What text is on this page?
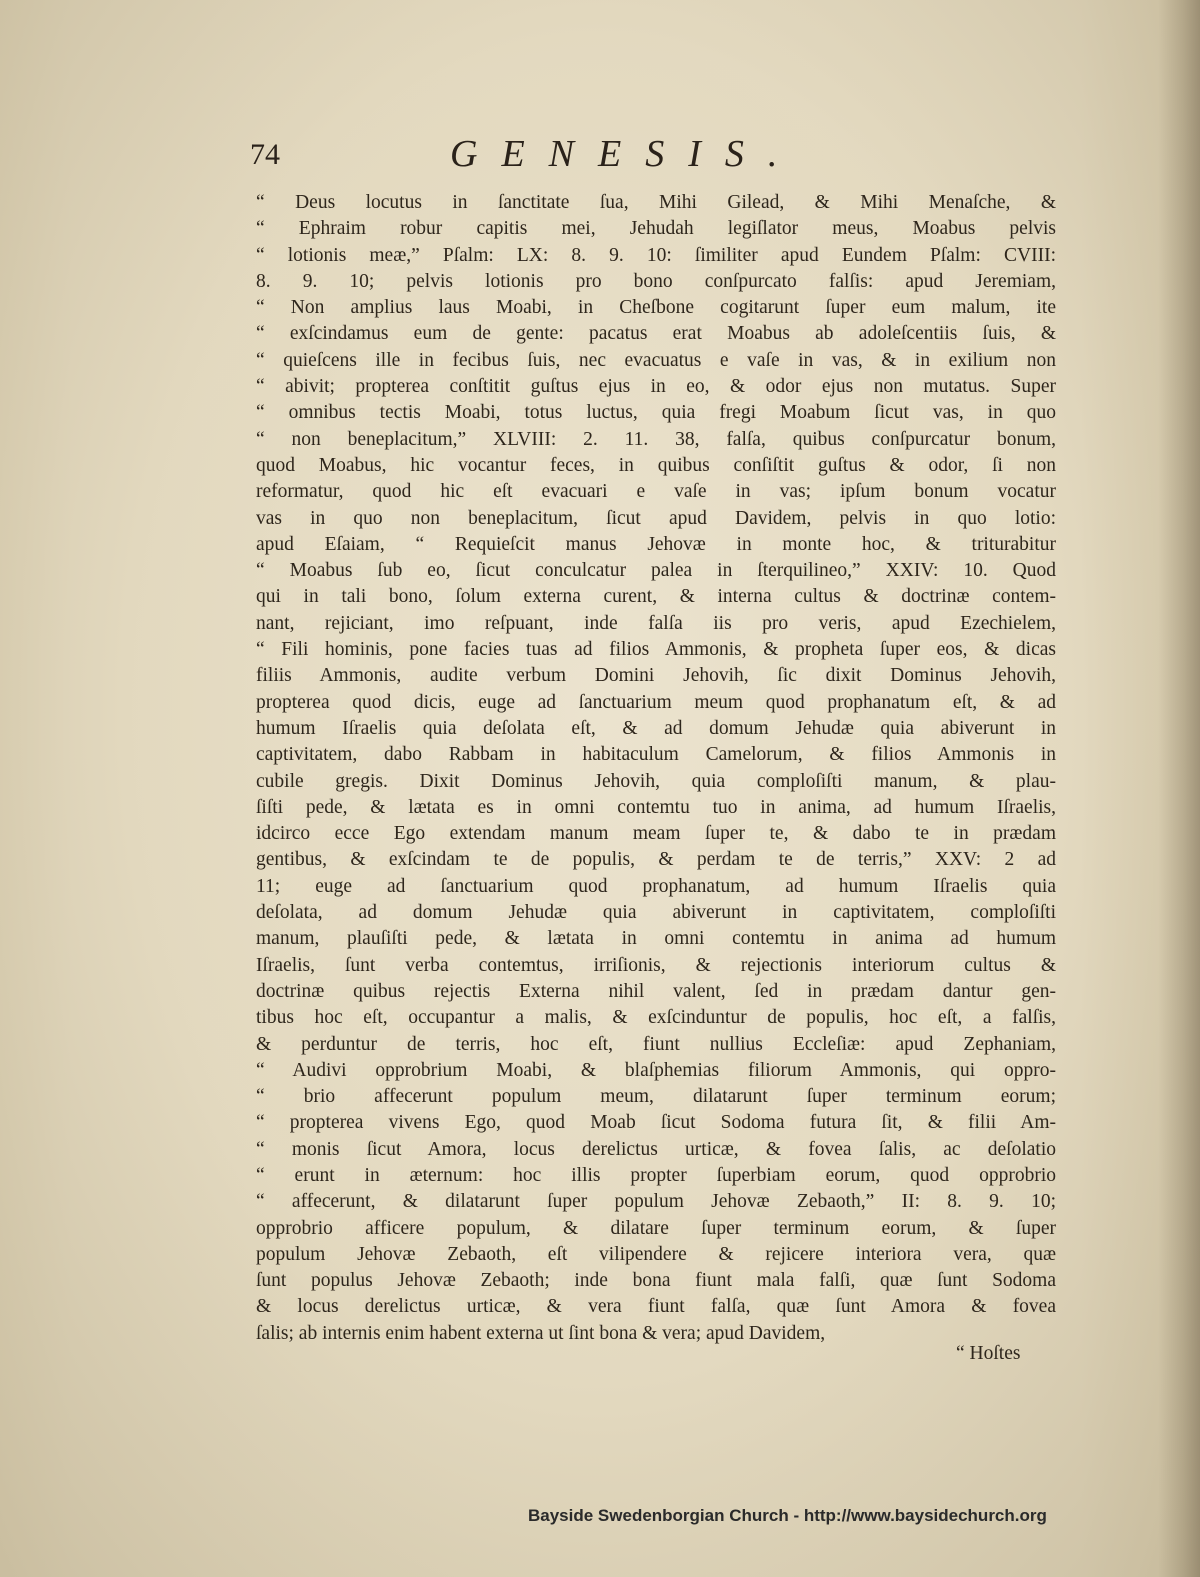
74	GENESIS.
“ Deus locutus in ſanctitate ſua, Mihi Gilead, & Mihi Menaſche, &
“ Ephraim robur capitis mei, Jehudah legiſlator meus, Moabus pelvis
“ lotionis meæ,” Pſalm: LX: 8. 9. 10: ſimiliter apud Eundem Pſalm: CVIII:
8. 9. 10; pelvis lotionis pro bono conſpurcato falſis: apud Jeremiam,
“ Non amplius laus Moabi, in Cheſbone cogitarunt ſuper eum malum, ite
“ exſcindamus eum de gente: pacatus erat Moabus ab adoleſcentiis ſuis, &
“ quieſcens ille in fecibus ſuis, nec evacuatus e vaſe in vas, & in exilium non
“ abivit; propterea conſtitit guſtus ejus in eo, & odor ejus non mutatus. Super
“ omnibus tectis Moabi, totus luctus, quia fregi Moabum ſicut vas, in quo
“ non beneplacitum,” XLVIII: 2. 11. 38, falſa, quibus conſpurcatur bonum,
quod Moabus, hic vocantur feces, in quibus conſiſtit guſtus & odor, ſi non
reformatur, quod hic eſt evacuari e vaſe in vas; ipſum bonum vocatur
vas in quo non beneplacitum, ſicut apud Davidem, pelvis in quo lotio:
apud Eſaiam, “ Requieſcit manus Jehovæ in monte hoc, & triturabitur
“ Moabus ſub eo, ſicut conculcatur palea in ſterquilineo,” XXIV: 10. Quod
qui in tali bono, ſolum externa curent, & interna cultus & doctrinæ contem-
nant, rejiciant, imo reſpuant, inde falſa iis pro veris, apud Ezechielem,
“ Fili hominis, pone facies tuas ad filios Ammonis, & propheta ſuper eos, & dicas
filiis Ammonis, audite verbum Domini Jehovih, ſic dixit Dominus Jehovih,
propterea quod dicis, euge ad ſanctuarium meum quod prophanatum eſt, & ad
humum Iſraelis quia deſolata eſt, & ad domum Jehudæ quia abiverunt in
captivitatem, dabo Rabbam in habitaculum Camelorum, & filios Ammonis in
cubile gregis. Dixit Dominus Jehovih, quia comploſiſti manum, & plau-
ſiſti pede, & lætata es in omni contemtu tuo in anima, ad humum Iſraelis,
idcirco ecce Ego extendam manum meam ſuper te, & dabo te in prædam
gentibus, & exſcindam te de populis, & perdam te de terris,” XXV: 2 ad
11; euge ad ſanctuarium quod prophanatum, ad humum Iſraelis quia
deſolata, ad domum Jehudæ quia abiverunt in captivitatem, comploſiſti
manum, plauſiſti pede, & lætata in omni contemtu in anima ad humum
Iſraelis, ſunt verba contemtus, irriſionis, & rejectionis interiorum cultus &
doctrinæ quibus rejectis Externa nihil valent, ſed in prædam dantur gen-
tibus hoc eſt, occupantur a malis, & exſcinduntur de populis, hoc eſt, a falſis,
& perduntur de terris, hoc eſt, fiunt nullius Eccleſiæ: apud Zephaniam,
“ Audivi opprobrium Moabi, & blaſphemias filiorum Ammonis, qui oppro-
“ brio affecerunt populum meum, dilatarunt ſuper terminum eorum;
“ propterea vivens Ego, quod Moab ſicut Sodoma futura ſit, & filii Am-
“ monis ſicut Amora, locus derelictus urticæ, & fovea ſalis, ac deſolatio
“ erunt in æternum: hoc illis propter ſuperbiam eorum, quod opprobrio
“ affecerunt, & dilatarunt ſuper populum Jehovæ Zebaoth,” II: 8. 9. 10;
opprobrio afficere populum, & dilatare ſuper terminum eorum, & ſuper
populum Jehovæ Zebaoth, eſt vilipendere & rejicere interiora vera, quæ
ſunt populus Jehovæ Zebaoth; inde bona fiunt mala falſi, quæ ſunt Sodoma
& locus derelictus urticæ, & vera fiunt falſa, quæ ſunt Amora & fovea
ſalis; ab internis enim habent externa ut ſint bona & vera; apud Davidem,
“ Hoſtes
Bayside Swedenborgian Church - http://www.baysidechurch.org
